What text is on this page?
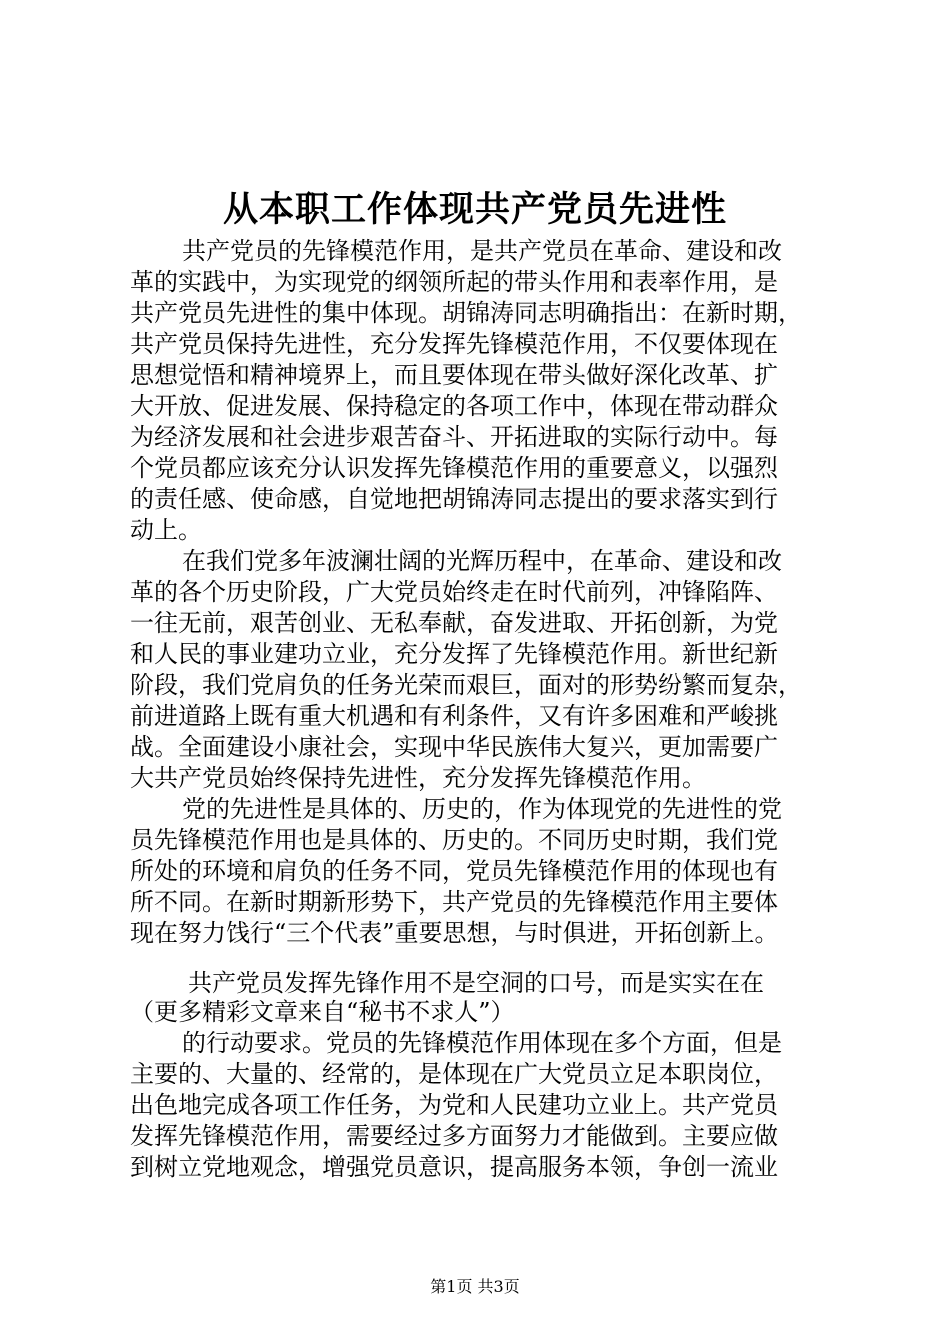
从本职工作体现共产党员先进性
共产党员的先锋模范作用，是共产党员在革命、建设和改
革的实践中，为实现党的纲领所起的带头作用和表率作用，是
共产党员先进性的集中体现。胡锦涛同志明确指出：在新时期，
共产党员保持先进性，充分发挥先锋模范作用，不仅要体现在
思想觉悟和精神境界上，而且要体现在带头做好深化改革、扩
大开放、促进发展、保持稳定的各项工作中，体现在带动群众
为经济发展和社会进步艰苦奋斗、开拓进取的实际行动中。每
个党员都应该充分认识发挥先锋模范作用的重要意义，以强烈
的责任感、使命感，自觉地把胡锦涛同志提出的要求落实到行
动上。
在我们党多年波澜壮阔的光辉历程中，在革命、建设和改
革的各个历史阶段，广大党员始终走在时代前列，冲锋陷阵、
一往无前，艰苦创业、无私奉献，奋发进取、开拓创新，为党
和人民的事业建功立业，充分发挥了先锋模范作用。新世纪新
阶段，我们党肩负的任务光荣而艰巨，面对的形势纷繁而复杂，
前进道路上既有重大机遇和有利条件，又有许多困难和严峻挑
战。全面建设小康社会，实现中华民族伟大复兴，更加需要广
大共产党员始终保持先进性，充分发挥先锋模范作用。
党的先进性是具体的、历史的，作为体现党的先进性的党
员先锋模范作用也是具体的、历史的。不同历史时期，我们党
所处的环境和肩负的任务不同，党员先锋模范作用的体现也有
所不同。在新时期新形势下，共产党员的先锋模范作用主要体
现在努力饯行“三个代表”重要思想，与时俱进，开拓创新上。
共产党员发挥先锋作用不是空洞的口号，而是实实在在
（更多精彩文章来自“秘书不求人”）
的行动要求。党员的先锋模范作用体现在多个方面，但是
主要的、大量的、经常的，是体现在广大党员立足本职岗位，
出色地完成各项工作任务，为党和人民建功立业上。共产党员
发挥先锋模范作用，需要经过多方面努力才能做到。主要应做
到树立党地观念，增强党员意识，提高服务本领，争创一流业
第1页 共3页
